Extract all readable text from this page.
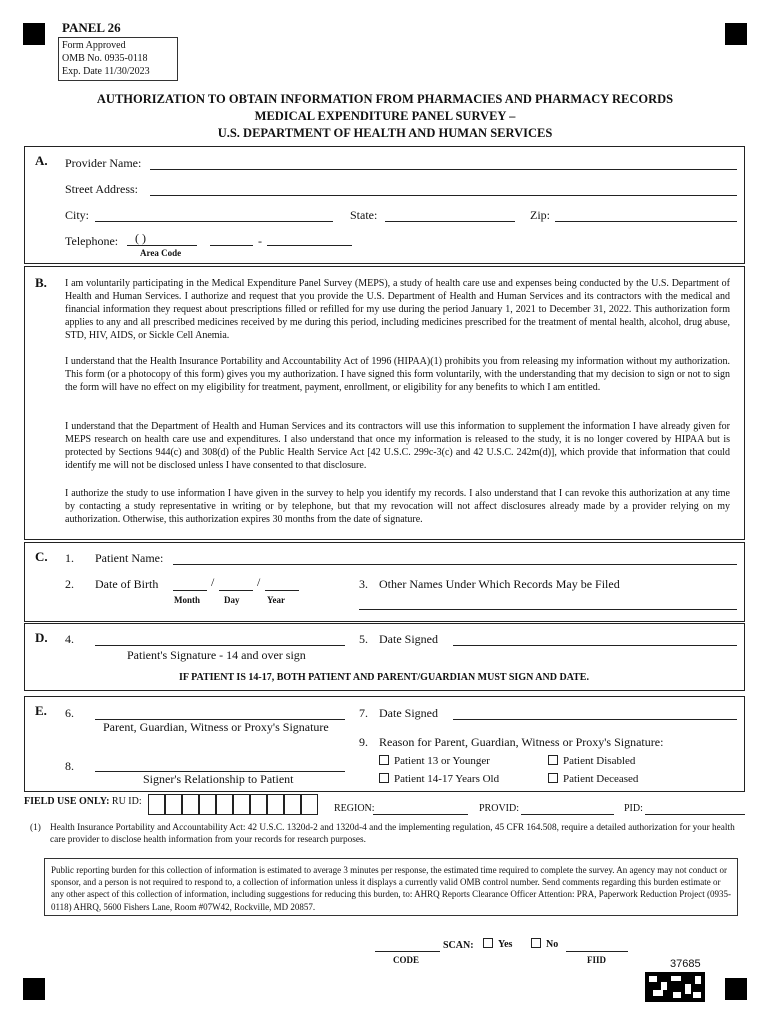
PANEL 26
Form Approved
OMB No. 0935-0118
Exp. Date 11/30/2023
AUTHORIZATION TO OBTAIN INFORMATION FROM PHARMACIES AND PHARMACY RECORDS
MEDICAL EXPENDITURE PANEL SURVEY –
U.S. DEPARTMENT OF HEALTH AND HUMAN SERVICES
A. Provider Name:
Street Address:
City:	State:	Zip:
Telephone: ( )	-
Area Code
B. I am voluntarily participating in the Medical Expenditure Panel Survey (MEPS), a study of health care use and expenses being conducted by the U.S. Department of Health and Human Services. I authorize and request that you provide the U.S. Department of Health and Human Services and its contractors with the medical and financial information they request about prescriptions filled or refilled for my use during the period January 1, 2021 to December 31, 2022. This authorization form applies to any and all prescribed medicines received by me during this period, including medicines prescribed for the treatment of mental health, alcohol, drug abuse, STD, HIV, AIDS, or Sickle Cell Anemia.
I understand that the Health Insurance Portability and Accountability Act of 1996 (HIPAA)(1) prohibits you from releasing my information without my authorization. This form (or a photocopy of this form) gives you my authorization. I have signed this form voluntarily, with the understanding that my decision to sign or not to sign the form will have no effect on my eligibility for treatment, payment, enrollment, or eligibility for any benefits to which I am entitled.
I understand that the Department of Health and Human Services and its contractors will use this information to supplement the information I have already given for MEPS research on health care use and expenditures. I also understand that once my information is released to the study, it is no longer covered by HIPAA but is protected by Sections 944(c) and 308(d) of the Public Health Service Act [42 U.S.C. 299c-3(c) and 42 U.S.C. 242m(d)], which provide that information that could identify me will not be disclosed unless I have consented to that disclosure.
I authorize the study to use information I have given in the survey to help you identify my records. I also understand that I can revoke this authorization at any time by contacting a study representative in writing or by telephone, but that my revocation will not affect disclosures already made by a provider relying on my authorization. Otherwise, this authorization expires 30 months from the date of signature.
C. 1. Patient Name:
2. Date of Birth	/	/
Month	Day	Year
3. Other Names Under Which Records May be Filed
D. 4.
Patient's Signature - 14 and over sign
5. Date Signed
IF PATIENT IS 14-17, BOTH PATIENT AND PARENT/GUARDIAN MUST SIGN AND DATE.
E. 6.
Parent, Guardian, Witness or Proxy's Signature
7. Date Signed
9. Reason for Parent, Guardian, Witness or Proxy's Signature:
8.
Signer's Relationship to Patient
Patient 13 or Younger	Patient Disabled
Patient 14-17 Years Old	Patient Deceased
FIELD USE ONLY: RU ID:
REGION:	PROVID:	PID:
(1) Health Insurance Portability and Accountability Act: 42 U.S.C. 1320d-2 and 1320d-4 and the implementing regulation, 45 CFR 164.508, require a detailed authorization for your health care provider to disclose health information from your records for research purposes.
Public reporting burden for this collection of information is estimated to average 3 minutes per response, the estimated time required to complete the survey. An agency may not conduct or sponsor, and a person is not required to respond to, a collection of information unless it displays a currently valid OMB control number. Send comments regarding this burden estimate or any other aspect of this collection of information, including suggestions for reducing this burden, to: AHRQ Reports Clearance Officer Attention: PRA, Paperwork Reduction Project (0935-0118) AHRQ, 5600 Fishers Lane, Room #07W42, Rockville, MD 20857.
SCAN:	Yes	No
CODE	FIID	37685
